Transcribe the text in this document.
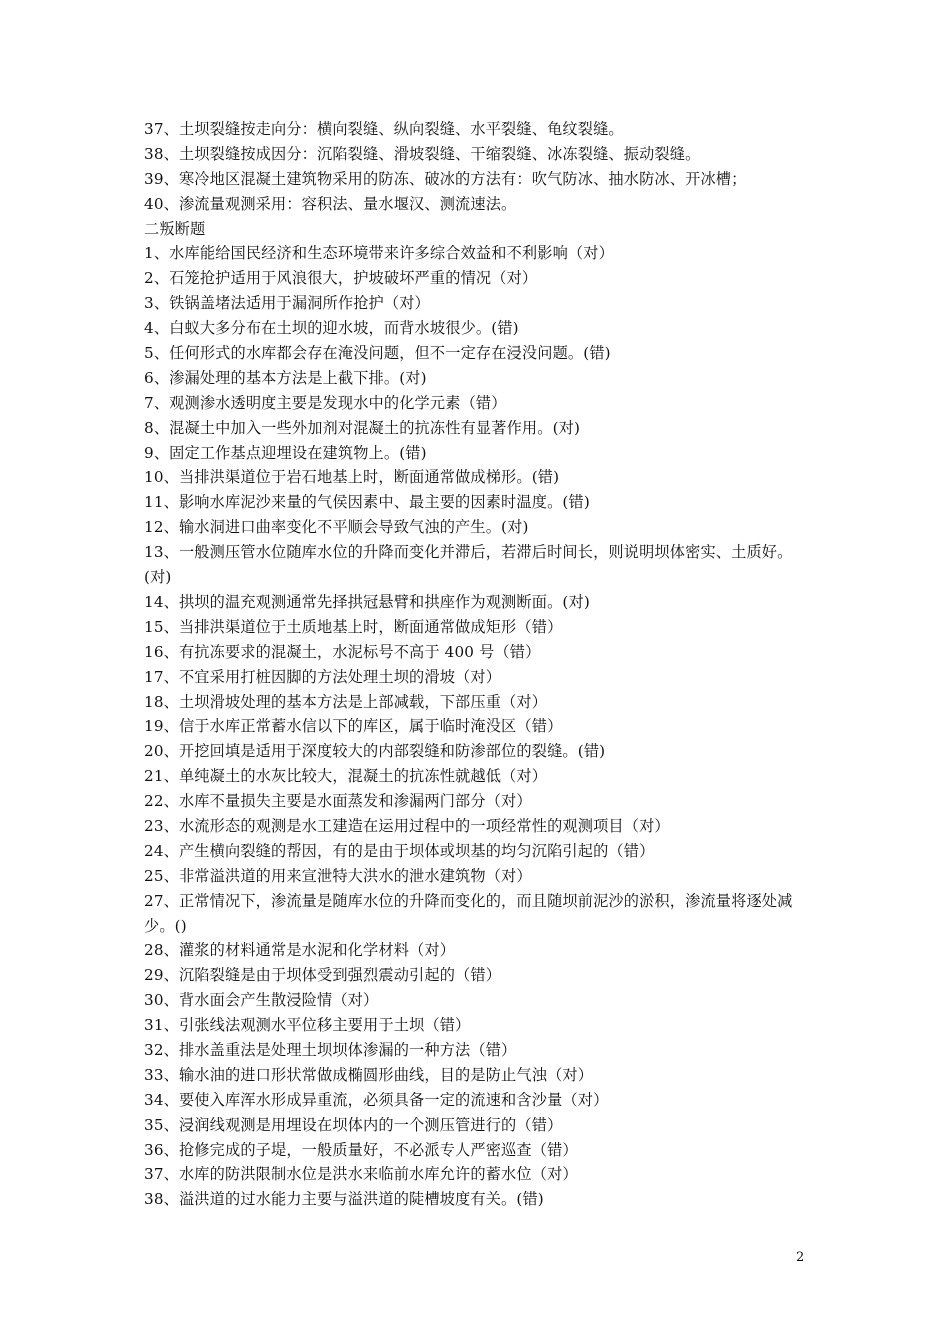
37、土坝裂缝按走向分：横向裂缝、纵向裂缝、水平裂缝、龟纹裂缝。
38、土坝裂缝按成因分：沉陷裂缝、滑坡裂缝、干缩裂缝、冰冻裂缝、振动裂缝。
39、寒冷地区混凝土建筑物采用的防冻、破冰的方法有：吹气防冰、抽水防冰、开冰槽；
40、渗流量观测采用：容积法、量水堰汉、测流速法。
二叛断题
1、水库能给国民经济和生态环境带来许多综合效益和不利影响（对）
2、石笼抢护适用于风浪很大，护坡破坏严重的情况（对）
3、铁锅盖堵法适用于漏洞所作抢护（对）
4、白蚁大多分布在土坝的迎水坡，而背水坡很少。(错)
5、任何形式的水库都会存在淹没问题，但不一定存在浸没问题。(错)
6、渗漏处理的基本方法是上截下排。(对)
7、观测渗水透明度主要是发现水中的化学元素（错）
8、混凝土中加入一些外加剂对混凝土的抗冻性有显著作用。(对)
9、固定工作基点迎埋设在建筑物上。(错)
10、当排洪渠道位于岩石地基上时，断面通常做成梯形。(错)
11、影响水库泥沙来量的气侯因素中、最主要的因素时温度。(错)
12、输水洞进口曲率变化不平顺会导致气浊的产生。(对)
13、一般测压管水位随库水位的升降而变化并滞后，若滞后时间长，则说明坝体密实、土质好。(对)
14、拱坝的温充观测通常先择拱冠悬臂和拱座作为观测断面。(对)
15、当排洪渠道位于土质地基上时，断面通常做成矩形（错）
16、有抗冻要求的混凝土，水泥标号不高于 400 号（错）
17、不宜采用打桩因脚的方法处理土坝的滑坡（对）
18、土坝滑坡处理的基本方法是上部减载，下部压重（对）
19、信于水库正常蓄水信以下的库区，属于临时淹没区（错）
20、开挖回填是适用于深度较大的内部裂缝和防渗部位的裂缝。(错)
21、单纯凝土的水灰比较大，混凝土的抗冻性就越低（对）
22、水库不量损失主要是水面蒸发和渗漏两门部分（对）
23、水流形态的观测是水工建造在运用过程中的一项经常性的观测项目（对）
24、产生横向裂缝的帮因，有的是由于坝体或坝基的均匀沉陷引起的（错）
25、非常溢洪道的用来宣泄特大洪水的泄水建筑物（对）
27、正常情况下，渗流量是随库水位的升降而变化的，而且随坝前泥沙的淤积，渗流量将逐处减少。()
28、灌浆的材料通常是水泥和化学材料（对）
29、沉陷裂缝是由于坝体受到强烈震动引起的（错）
30、背水面会产生散浸险情（对）
31、引张线法观测水平位移主要用于土坝（错）
32、排水盖重法是处理土坝坝体渗漏的一种方法（错）
33、输水油的进口形状常做成椭圆形曲线，目的是防止气浊（对）
34、要使入库浑水形成异重流，必须具备一定的流速和含沙量（对）
35、浸润线观测是用埋设在坝体内的一个测压管进行的（错）
36、抢修完成的子堤，一般质量好，不必派专人严密巡查（错）
37、水库的防洪限制水位是洪水来临前水库允许的蓄水位（对）
38、溢洪道的过水能力主要与溢洪道的陡槽坡度有关。(错)
2
